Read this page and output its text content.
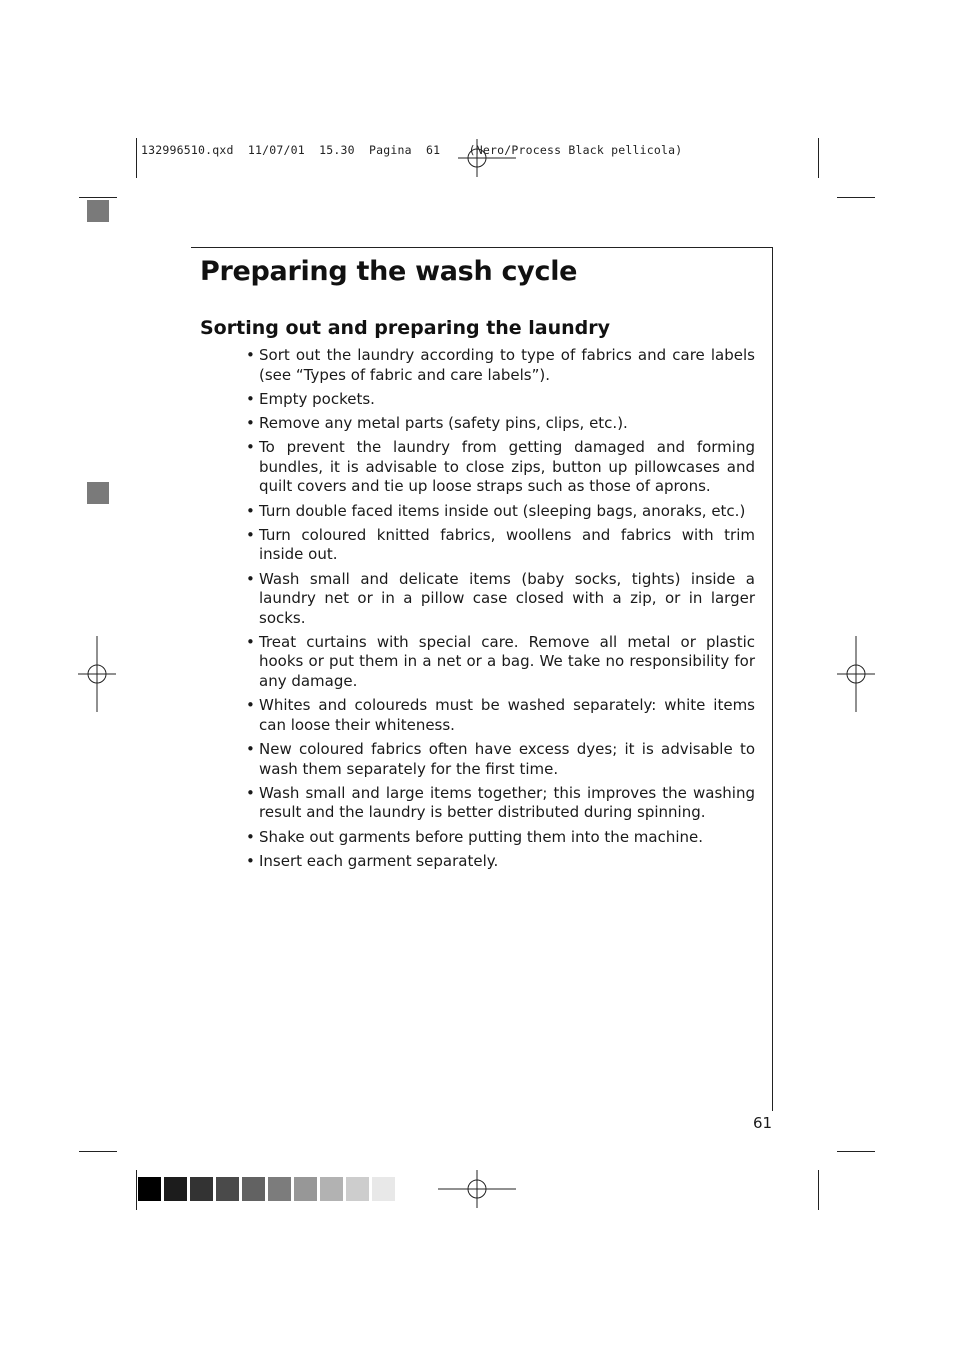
132996510.qxd  11/07/01  15.30  Pagina  61    (Nero/Process Black pellicola)
Preparing the wash cycle
Sorting out and preparing the laundry
• Sort out the laundry according to type of fabrics and care labels (see “Types of fabric and care labels”).
• Empty pockets.
• Remove any metal parts (safety pins, clips, etc.).
• To prevent the laundry from getting damaged and forming bundles, it is advisable to close zips, button up pillowcases and quilt covers and tie up loose straps such as those of aprons.
• Turn double faced items inside out (sleeping bags, anoraks, etc.)
• Turn coloured knitted fabrics, woollens and fabrics with trim inside out.
• Wash small and delicate items (baby socks, tights) inside a laundry net or in a pillow case closed with a zip, or in larger socks.
• Treat curtains with special care. Remove all metal or plastic hooks or put them in a net or a bag. We take no responsibility for any damage.
• Whites and coloureds must be washed separately: white items can loose their whiteness.
• New coloured fabrics often have excess dyes; it is advisable to wash them separately for the first time.
• Wash small and large items together; this improves the washing result and the laundry is better distributed during spinning.
• Shake out garments before putting them into the machine.
• Insert each garment separately.
61
